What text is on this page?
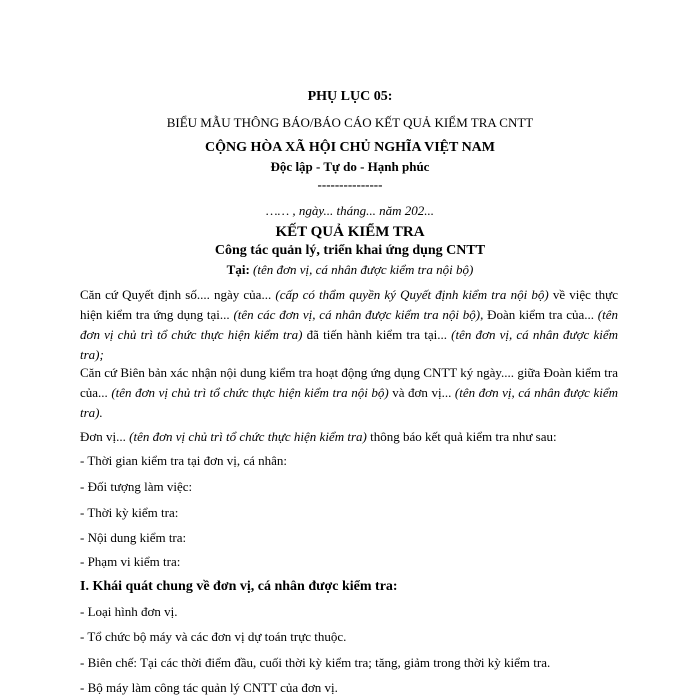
PHỤ LỤC 05:
BIỂU MẪU THÔNG BÁO/BÁO CÁO KẾT QUẢ KIỂM TRA CNTT
CỘNG HÒA XÃ HỘI CHỦ NGHĨA VIỆT NAM
Độc lập - Tự do - Hạnh phúc
---------------
…… , ngày... tháng... năm 202...
KẾT QUẢ KIỂM TRA
Công tác quản lý, triển khai ứng dụng CNTT
Tại: (tên đơn vị, cá nhân được kiểm tra nội bộ)
Căn cứ Quyết định số.... ngày của... (cấp có thẩm quyền ký Quyết định kiểm tra nội bộ) về việc thực hiện kiểm tra ứng dụng tại... (tên các đơn vị, cá nhân được kiểm tra nội bộ), Đoàn kiểm tra của... (tên đơn vị chủ trì tổ chức thực hiện kiểm tra) đã tiến hành kiểm tra tại... (tên đơn vị, cá nhân được kiểm tra);
Căn cứ Biên bản xác nhận nội dung kiểm tra hoạt động ứng dụng CNTT ký ngày.... giữa Đoàn kiểm tra của... (tên đơn vị chủ trì tổ chức thực hiện kiểm tra nội bộ) và đơn vị... (tên đơn vị, cá nhân được kiểm tra).
Đơn vị... (tên đơn vị chủ trì tổ chức thực hiện kiểm tra) thông báo kết quả kiểm tra như sau:
- Thời gian kiểm tra tại đơn vị, cá nhân:
- Đối tượng làm việc:
- Thời kỳ kiểm tra:
- Nội dung kiểm tra:
- Phạm vi kiểm tra:
I. Khái quát chung về đơn vị, cá nhân được kiểm tra:
- Loại hình đơn vị.
- Tổ chức bộ máy và các đơn vị dự toán trực thuộc.
- Biên chế: Tại các thời điểm đầu, cuối thời kỳ kiểm tra; tăng, giảm trong thời kỳ kiểm tra.
- Bộ máy làm công tác quản lý CNTT của đơn vị.
